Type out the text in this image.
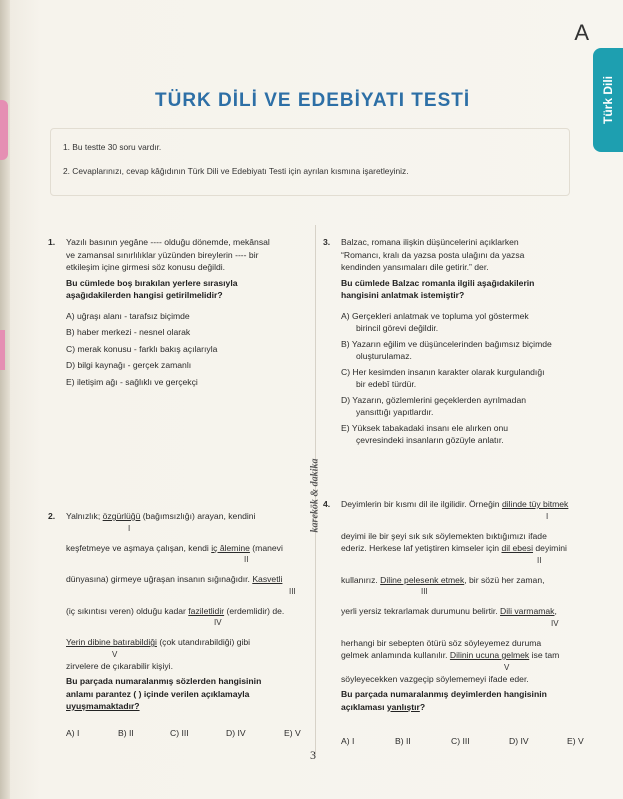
A
Türk Dili
TÜRK DİLİ VE EDEBİYATI TESTİ
1. Bu testte 30 soru vardır.
2. Cevaplarınızı, cevap kâğıdının Türk Dili ve Edebiyatı Testi için ayrılan kısmına işaretleyiniz.
1. Yazılı basının yegâne ---- olduğu dönemde, mekânsal

ve zamansal sınırlılıklar yüzünden bireylerin ---- bir

etkileşim içine girmesi söz konusu değildi.

Bu cümlede boş bırakılan yerlere sırasıyla

aşağıdakilerden hangisi getirilmelidir?

A) uğraşı alanı - tarafsız biçimde
B) haber merkezi - nesnel olarak
C) merak konusu - farklı bakış açılarıyla
D) bilgi kaynağı - gerçek zamanlı
E) iletişim ağı - sağlıklı ve gerçekçi
3. Balzac, romana ilişkin düşüncelerini açıklarken

“Romancı, kralı da yazsa posta ulağını da yazsa

kendinden yansımaları dile getirir.” der.

Bu cümlede Balzac romanla ilgili aşağıdakilerin

hangisini anlatmak istemiştir?

A) Gerçekleri anlatmak ve topluma yol göstermek
birincil görevi değildir.
B) Yazarın eğilim ve düşüncelerinden bağımsız biçimde
oluşturulamaz.
C) Her kesimden insanın karakter olarak kurgulandığı
bir edebî türdür.
D) Yazarın, gözlemlerini geçeklerden ayrılmadan
yansıttığı yapıtlardır.
E) Yüksek tabakadaki insanı ele alırken onu
çevresindeki insanların gözüyle anlatır.
karekök & dakika
2. Yalnızlık; özgürlüğü (bağımsızlığı) arayan, kendini
I
keşfetmeye ve aşmaya çalışan, kendi iç âlemine (manevi
II
dünyasına) girmeye uğraşan insanın sığınağıdır. Kasvetli
III
(iç sıkıntısı veren) olduğu kadar faziletlidir (erdemlidir) de.
IV
Yerin dibine batırabildiği (çok utandırabildiği) gibi
V
zirvelere de çıkarabilir kişiyi.

Bu parçada numaralanmış sözlerden hangisinin

anlamı parantez ( ) içinde verilen açıklamayla

uyuşmamaktadır?

A) I	B) II	C) III	D) IV	E) V
4. Deyimlerin bir kısmı dil ile ilgilidir. Örneğin dilinde tüy bitmek
I
deyimi ile bir şeyi sık sık söylemekten bıktığımızı ifade
ederiz. Herkese laf yetiştiren kimseler için dil ebesi deyimini
II
kullanırız. Diline pelesenk etmek, bir sözü her zaman,
III
yerli yersiz tekrarlamak durumunu belirtir. Dili varmamak,
IV
herhangi bir sebepten ötürü söz söyleyemez duruma
gelmek anlamında kullanılır. Dilinin ucuna gelmek ise tam
V
söyleyecekken vazgeçip söylememeyi ifade eder.

Bu parçada numaralanmış deyimlerden hangisinin

açıklaması yanlıştır?

A) I	B) II	C) III	D) IV	E) V
3
